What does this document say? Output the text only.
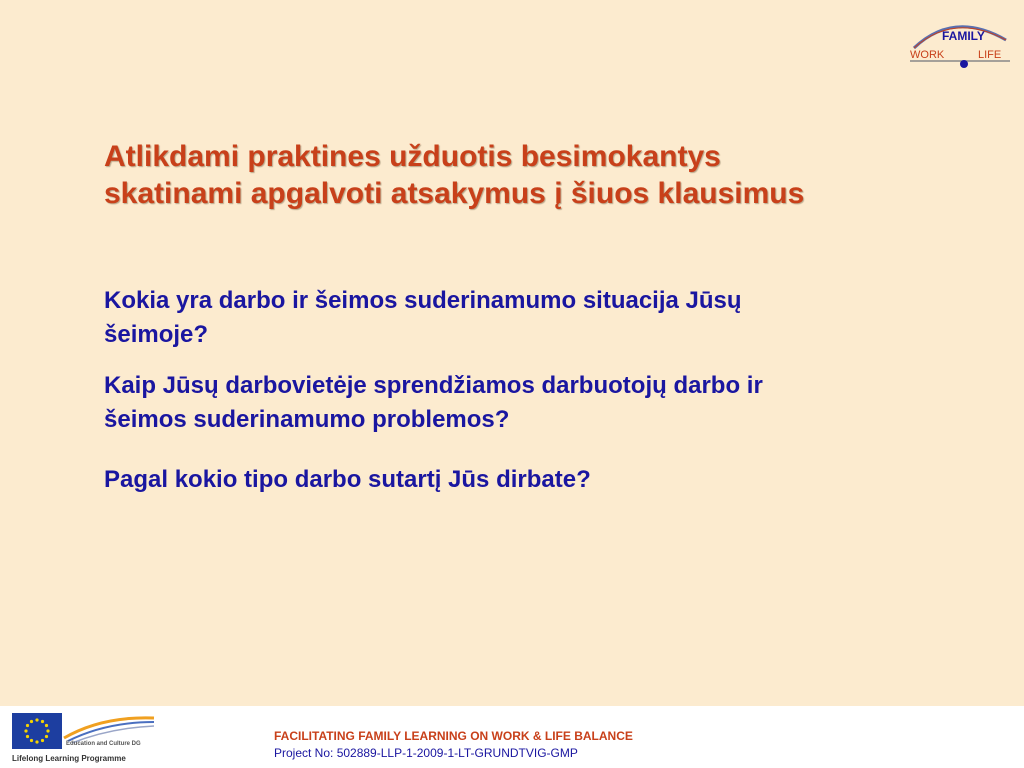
FAMILY
WORK	LIFE
Atlikdami praktines užduotis besimokantys
skatinami apgalvoti atsakymus į šiuos klausimus
Kokia yra darbo ir šeimos suderinamumo situacija Jūsų
šeimoje?
Kaip Jūsų darbovietėje sprendžiamos darbuotojų darbo ir
šeimos suderinamumo problemos?
Pagal kokio tipo darbo sutartį Jūs dirbate?
Education and Culture DG
Lifelong Learning Programme
FACILITATING FAMILY LEARNING ON WORK & LIFE BALANCE
Project No: 502889-LLP-1-2009-1-LT-GRUNDTVIG-GMP
